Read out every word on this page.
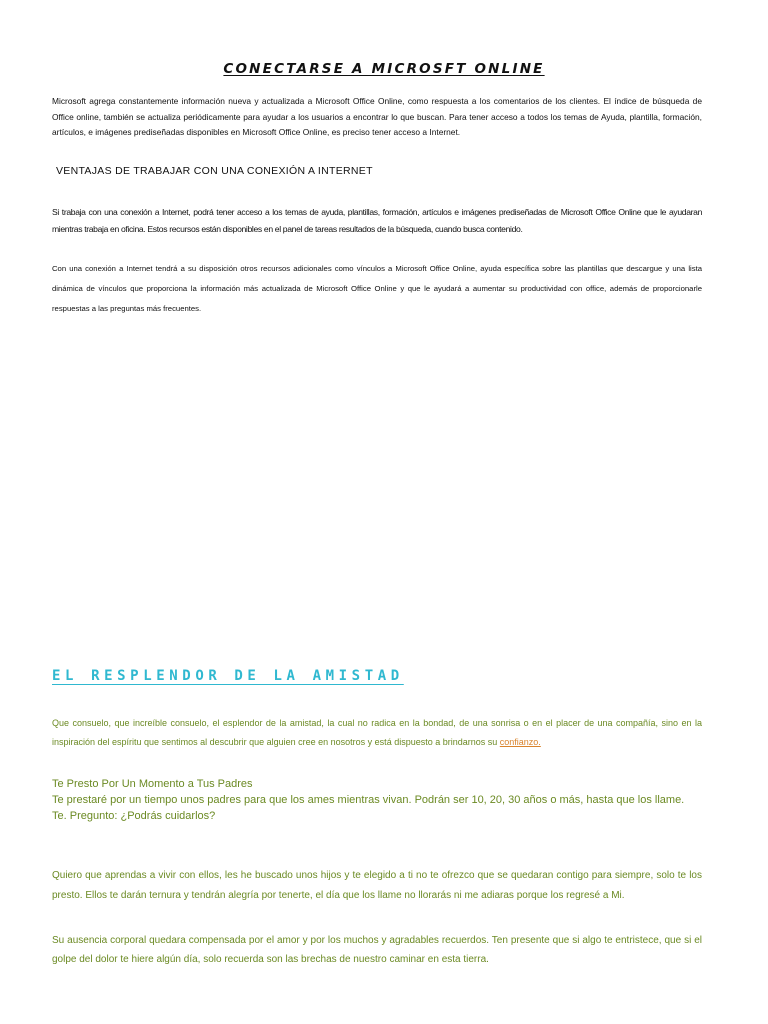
CONECTARSE A MICROSFT ONLINE

Microsoft agrega constantemente información nueva y actualizada a Microsoft Office Online, como respuesta a los comentarios de los clientes. El índice de búsqueda de Office online, también se actualiza periódicamente para ayudar a los usuarios a encontrar lo que buscan. Para tener acceso a todos los temas de Ayuda, plantilla, formación, artículos, e imágenes prediseñadas disponibles en Microsoft Office Online, es preciso tener acceso a Internet.

VENTAJAS DE TRABAJAR CON UNA CONEXIÓN A INTERNET

Si trabaja con una conexión a Internet, podrá tener acceso a los temas de ayuda, plantillas, formación, artículos e imágenes prediseñadas de Microsoft Office Online que le ayudaran mientras trabaja en oficina. Estos recursos están disponibles en el panel de tareas resultados de la búsqueda, cuando busca contenido.

Con una conexión a Internet tendrá a su disposición otros recursos adicionales como vínculos a Microsoft Office Online, ayuda específica sobre las plantillas que descargue y una lista dinámica de vínculos que proporciona la información más actualizada de Microsoft Office Online y que le ayudará a aumentar su productividad con office, además de proporcionarle respuestas a las preguntas más frecuentes.

EL RESPLENDOR DE LA AMISTAD

Que consuelo, que increíble consuelo, el esplendor de la amistad, la cual no radica en la bondad, de una sonrisa o en el placer de una compañía, sino en la inspiración del espíritu que sentimos al descubrir que alguien cree en nosotros y está dispuesto a brindarnos su confianzo.

Te Presto Por Un Momento a Tus Padres
Te prestaré por un tiempo unos padres para que los ames mientras vivan. Podrán ser 10, 20, 30 años o más, hasta que los llame.
Te. Pregunto: ¿Podrás cuidarlos?

Quiero que aprendas a vivir con ellos, les he buscado unos hijos y te elegido a ti no te ofrezco que se quedaran contigo para siempre, solo te los presto. Ellos te darán ternura y tendrán alegría por tenerte, el día que los llame no llorarás ni me adiaras porque los regresé a Mi.

Su ausencia corporal quedara compensada por el amor y por los muchos y agradables recuerdos. Ten presente que si algo te entristece, que si el golpe del dolor te hiere algún día, solo recuerda son las brechas de nuestro caminar en esta tierra.
